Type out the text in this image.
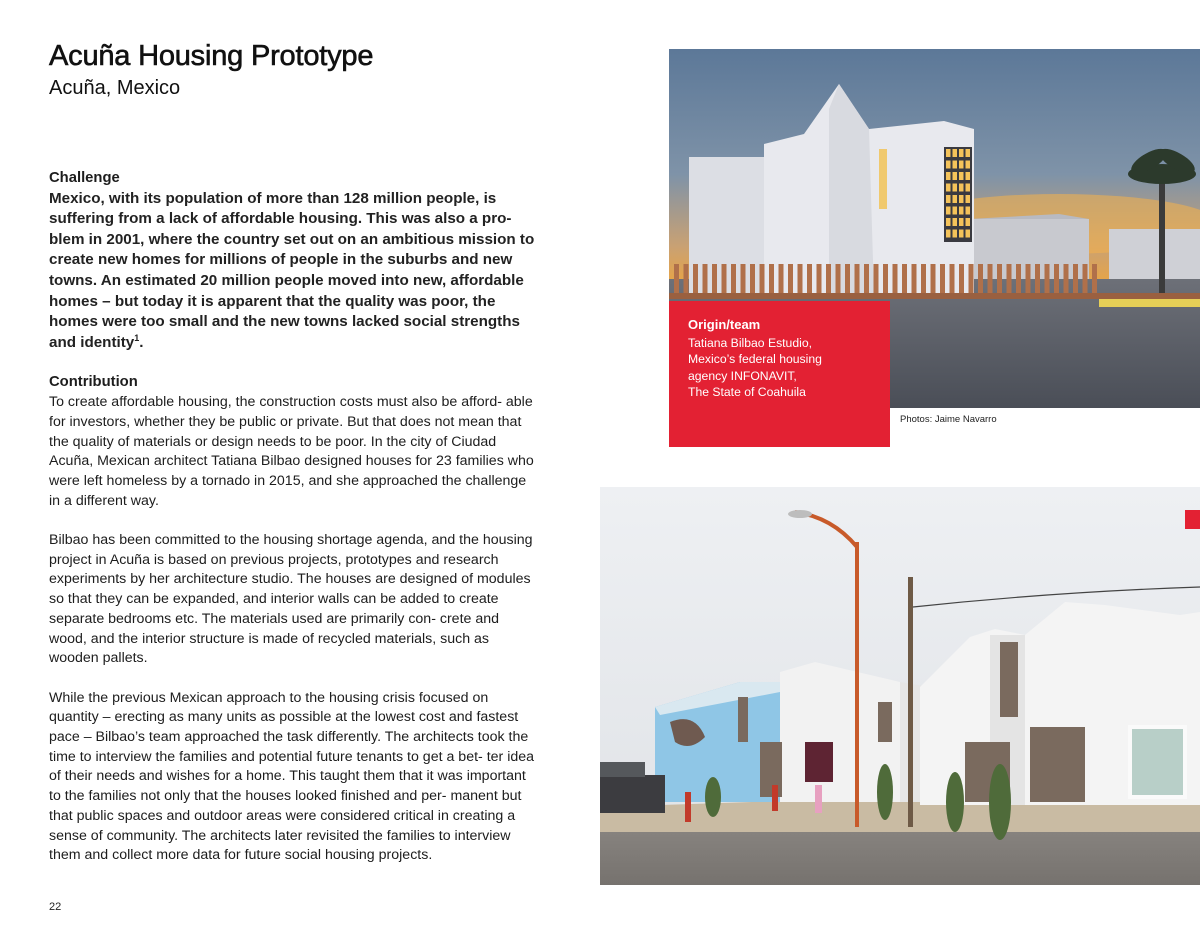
Acuña Housing Prototype
Acuña, Mexico
Challenge

Mexico, with its population of more than 128 million people, is suffering from a lack of affordable housing. This was also a pro- blem in 2001, where the country set out on an ambitious mission to create new homes for millions of people in the suburbs and new towns. An estimated 20 million people moved into new, affordable homes – but today it is apparent that the quality was poor, the homes were too small and the new towns lacked social strengths and identity$^1$.

Contribution

To create affordable housing, the construction costs must also be afford- able for investors, whether they be public or private. But that does not mean that the quality of materials or design needs to be poor. In the city of Ciudad Acuña, Mexican architect Tatiana Bilbao designed houses for 23 families who were left homeless by a tornado in 2015, and she approached the challenge in a different way.

Bilbao has been committed to the housing shortage agenda, and the housing project in Acuña is based on previous projects, prototypes and research experiments by her architecture studio. The houses are designed of modules so that they can be expanded, and interior walls can be added to create separate bedrooms etc. The materials used are primarily con- crete and wood, and the interior structure is made of recycled materials, such as wooden pallets.

While the previous Mexican approach to the housing crisis focused on quantity – erecting as many units as possible at the lowest cost and fastest pace – Bilbao’s team approached the task differently. The architects took the time to interview the families and potential future tenants to get a bet- ter idea of their needs and wishes for a home. This taught them that it was important to the families not only that the houses looked finished and per- manent but that public spaces and outdoor areas were considered critical in creating a sense of community. The architects later revisited the families to interview them and collect more data for future social housing projects.

22
Origin/team
Tatiana Bilbao Estudio,
Mexico’s federal housing
agency INFONAVIT,
The State of Coahuila
Photos: Jaime Navarro
